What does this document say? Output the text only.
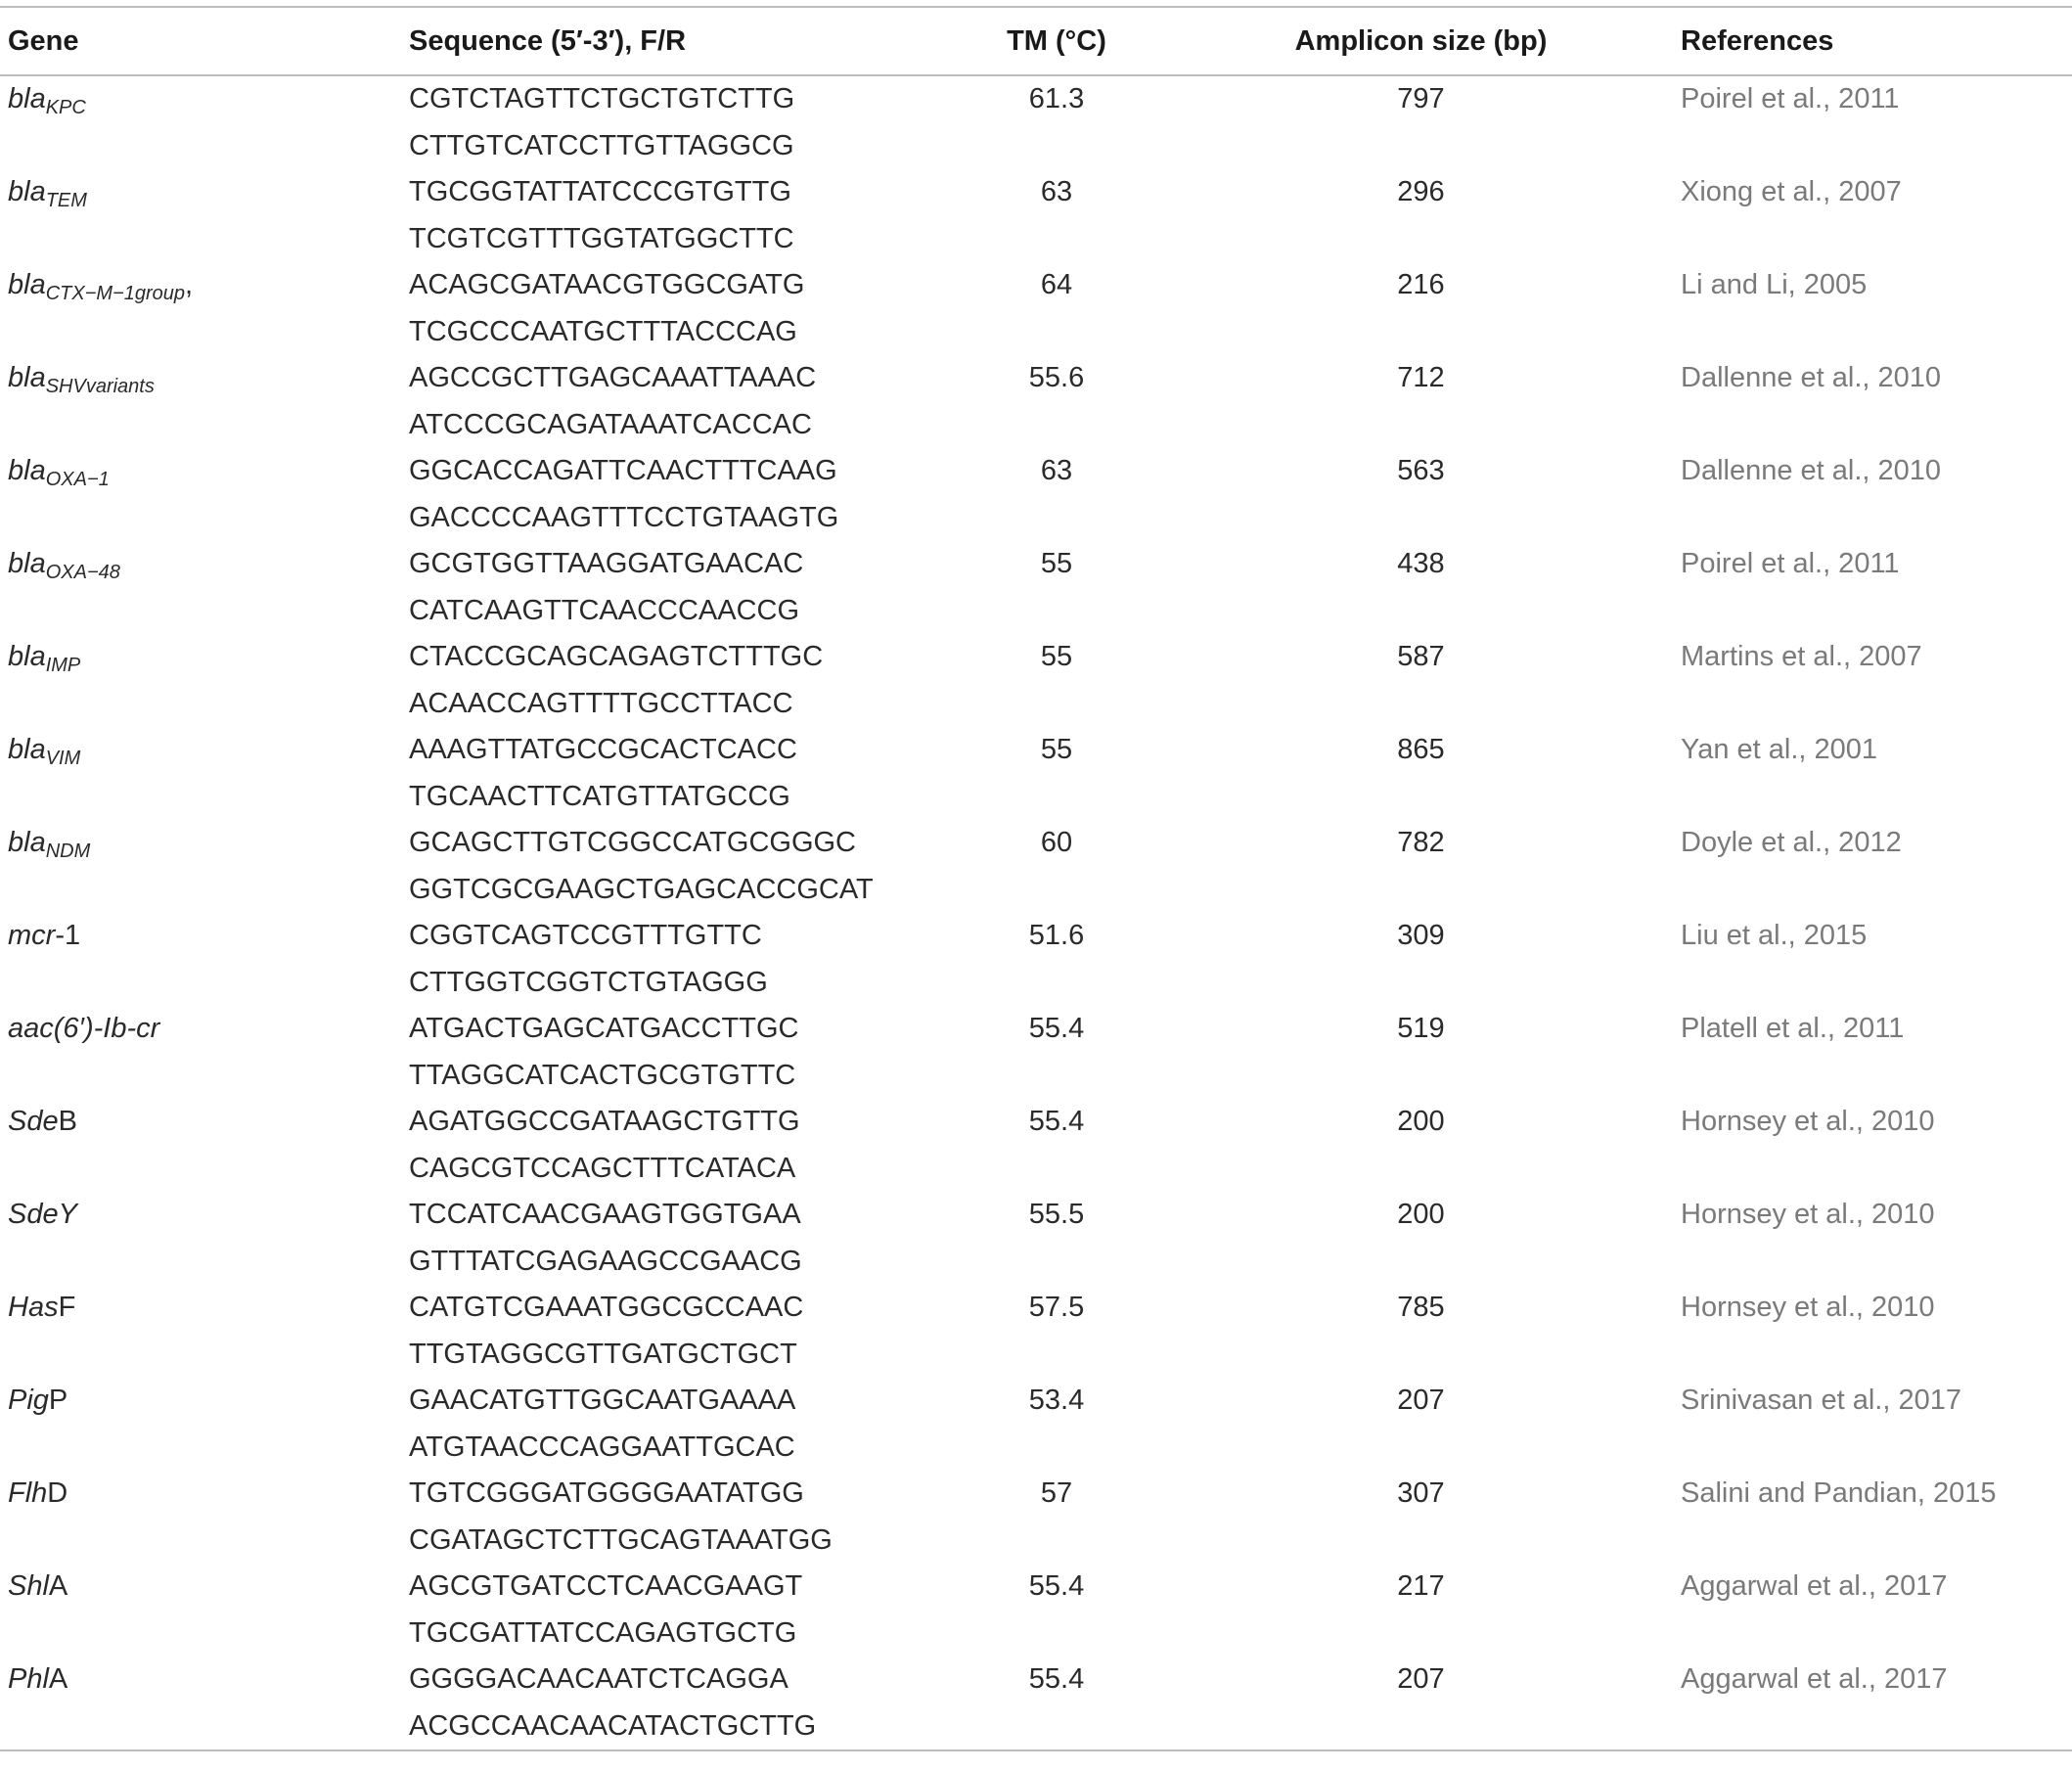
Gene	Sequence (5′-3′), F/R	TM (°C)	Amplicon size (bp)	References
bla$_{KPC}$	CGTCTAGTTCTGCTGTCTTG	61.3	797	Poirel et al., 2011
	CTTGTCATCCTTGTTAGGCG			
bla$_{TEM}$	TGCGGTATTATCCCGTGTTG	63	296	Xiong et al., 2007
	TCGTCGTTTGGTATGGCTTC			
bla$_{CTX-M-1group}$,	ACAGCGATAACGTGGCGATG	64	216	Li and Li, 2005
	TCGCCCAATGCTTTACCCAG			
bla$_{SHVvariants}$	AGCCGCTTGAGCAAATTAAAC	55.6	712	Dallenne et al., 2010
	ATCCCGCAGATAAATCACCAC			
bla$_{OXA-1}$	GGCACCAGATTCAACTTTCAAG	63	563	Dallenne et al., 2010
	GACCCCAAGTTTCCTGTAAGTG			
bla$_{OXA-48}$	GCGTGGTTAAGGATGAACAC	55	438	Poirel et al., 2011
	CATCAAGTTCAACCCAACCG			
bla$_{IMP}$	CTACCGCAGCAGAGTCTTTGC	55	587	Martins et al., 2007
	ACAACCAGTTTTGCCTTACC			
bla$_{VIM}$	AAAGTTATGCCGCACTCACC	55	865	Yan et al., 2001
	TGCAACTTCATGTTATGCCG			
bla$_{NDM}$	GCAGCTTGTCGGCCATGCGGGC	60	782	Doyle et al., 2012
	GGTCGCGAAGCTGAGCACCGCAT			
mcr-1	CGGTCAGTCCGTTTGTTC	51.6	309	Liu et al., 2015
	CTTGGTCGGTCTGTAGGG			
aac(6′)-Ib-cr	ATGACTGAGCATGACCTTGC	55.4	519	Platell et al., 2011
	TTAGGCATCACTGCGTGTTC			
SdeB	AGATGGCCGATAAGCTGTTG	55.4	200	Hornsey et al., 2010
	CAGCGTCCAGCTTTCATACA			
SdeY	TCCATCAACGAAGTGGTGAA	55.5	200	Hornsey et al., 2010
	GTTTATCGAGAAGCCGAACG			
HasF	CATGTCGAAATGGCGCCAAC	57.5	785	Hornsey et al., 2010
	TTGTAGGCGTTGATGCTGCT			
PigP	GAACATGTTGGCAATGAAAA	53.4	207	Srinivasan et al., 2017
	ATGTAACCCAGGAATTGCAC			
FlhD	TGTCGGGATGGGGAATATGG	57	307	Salini and Pandian, 2015
	CGATAGCTCTTGCAGTAAATGG			
ShlA	AGCGTGATCCTCAACGAAGT	55.4	217	Aggarwal et al., 2017
	TGCGATTATCCAGAGTGCTG			
PhlA	GGGGACAACAATCTCAGGA	55.4	207	Aggarwal et al., 2017
	ACGCCAACAACATACTGCTTG			
